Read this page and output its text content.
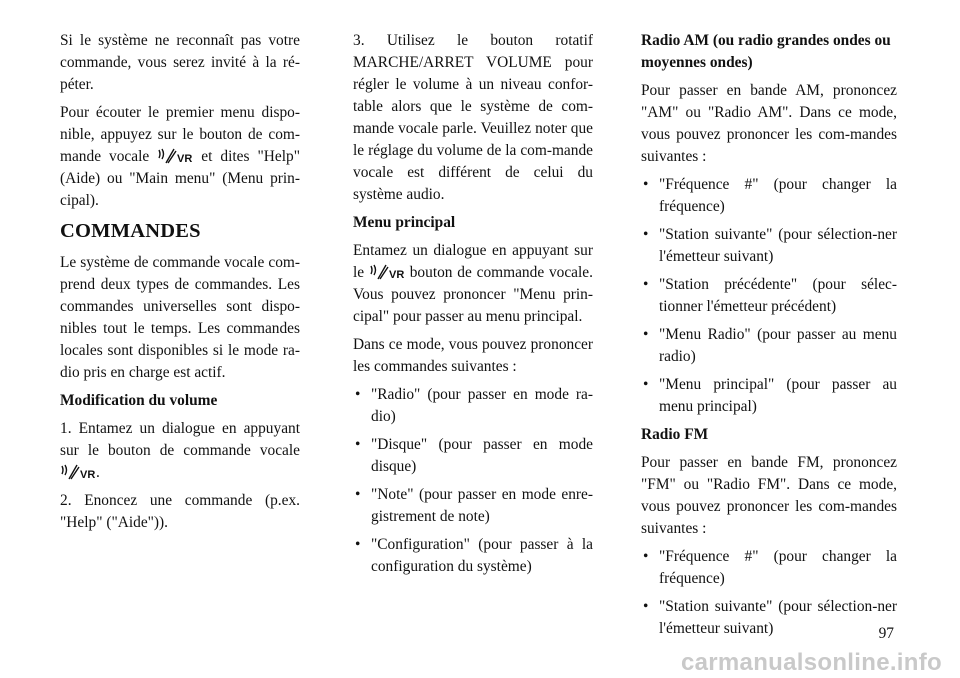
Si le système ne reconnaît pas votre commande, vous serez invité à la ré-péter.

Pour écouter le premier menu dispo-nible, appuyez sur le bouton de com-mande vocale	VR et dites "Help" (Aide) ou "Main menu" (Menu prin-cipal).

COMMANDES

Le système de commande vocale com-prend deux types de commandes. Les commandes universelles sont dispo-nibles tout le temps. Les commandes locales sont disponibles si le mode ra-dio pris en charge est actif.

Modification du volume

1. Entamez un dialogue en appuyant sur le bouton de commande vocale
VR .

2. Enoncez une commande (p.ex. "Help" ("Aide")).

3. Utilisez le bouton rotatif MARCHE/ARRET VOLUME pour régler le volume à un niveau confor-table alors que le système de com-mande vocale parle. Veuillez noter que le réglage du volume de la com-mande vocale est différent de celui du système audio.

Menu principal

Entamez un dialogue en appuyant sur le VR bouton de commande vocale. Vous pouvez prononcer "Menu prin-cipal" pour passer au menu principal.

Dans ce mode, vous pouvez prononcer les commandes suivantes :

• "Radio" (pour passer en mode ra-dio)
• "Disque" (pour passer en mode disque)
• "Note" (pour passer en mode enre-gistrement de note)
• "Configuration" (pour passer à la configuration du système)
Radio AM (ou radio grandes ondes ou moyennes ondes)

Pour passer en bande AM, prononcez "AM" ou "Radio AM". Dans ce mode, vous pouvez prononcer les com-mandes suivantes :

• "Fréquence #" (pour changer la fréquence)
• "Station suivante" (pour sélection-ner l'émetteur suivant)
• "Station précédente" (pour sélec-tionner l'émetteur précédent)
• "Menu Radio" (pour passer au menu radio)
• "Menu principal" (pour passer au menu principal)
Radio FM

Pour passer en bande FM, prononcez "FM" ou "Radio FM". Dans ce mode, vous pouvez prononcer les com-mandes suivantes :

• "Fréquence #" (pour changer la fréquence)
• "Station suivante" (pour sélection-ner l'émetteur suivant)	97
carmanualsonline.info
